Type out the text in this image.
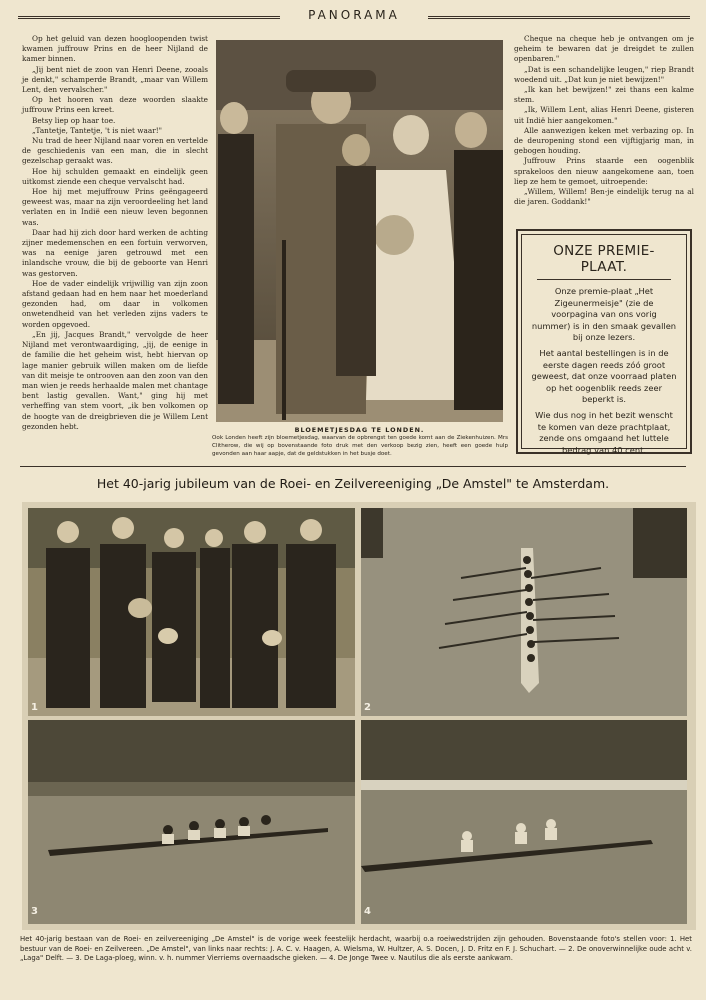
PANORAMA

Op het geluid van dezen hoogloopenden twist kwamen juffrouw Prins en de heer Nijland de kamer binnen.

„Jij bent niet de zoon van Henri Deene, zooals je denkt," schamperde Brandt, „maar van Willem Lent, den vervalscher."

Op het hooren van deze woorden slaakte juffrouw Prins een kreet.

Betsy liep op haar toe.

„Tantetje, Tantetje, 't is niet waar!"

Nu trad de heer Nijland naar voren en vertelde de geschiedenis van een man, die in slecht gezelschap geraakt was.

Hoe hij schulden gemaakt en eindelijk geen uitkomst ziende een cheque vervalscht had.

Hoe hij met mejuffrouw Prins geëngageerd geweest was, maar na zijn veroordeeling het land verlaten en in Indië een nieuw leven begonnen was.

Daar had hij zich door hard werken de achting zijner medemenschen en een fortuin verworven, was na eenige jaren getrouwd met een inlandsche vrouw, die bij de geboorte van Henri was gestorven.

Hoe de vader eindelijk vrijwillig van zijn zoon afstand gedaan had en hem naar het moederland gezonden had, om daar in volkomen onwetendheid van het verleden zijns vaders te worden opgevoed.

„En jij, Jacques Brandt," vervolgde de heer Nijland met verontwaardiging, „jij, de eenige in de familie die het geheim wist, hebt hiervan op lage manier gebruik willen maken om de liefde van dit meisje te ontrooven aan den zoon van den man wien je reeds herhaalde malen met chantage bent lastig gevallen. Want," ging hij met verheffing van stem voort, „ik ben volkomen op de hoogte van de dreigbrieven die je Willem Lent gezonden hebt.	BLOEMETJESDAG TE LONDEN.
Ook Londen heeft zijn bloemetjesdag, waarvan de opbrengst ten goede komt aan de Ziekenhuizen. Mrs Clitherow, die wij op bovenstaande foto druk met den verkoop bezig zien, heeft een goede hulp gevonden aan haar aapje, dat de geldstukken in het busje doet.

Cheque na cheque heb je ontvangen om je geheim te bewaren dat je dreigdet te zullen openbaren."

„Dat is een schandelijke leugen," riep Brandt woedend uit. „Dat kun je niet bewijzen!"

„Ik kan het bewijzen!" zei thans een kalme stem.

„Ik, Willem Lent, alias Henri Deene, gisteren uit Indië hier aangekomen."

Alle aanwezigen keken met verbazing op. In de deuropening stond een vijftigjarig man, in gebogen houding.

Juffrouw Prins staarde een oogenblik sprakeloos den nieuw aangekomene aan, toen liep ze hem te gemoet, uitroepende:

„Willem, Willem! Ben-je eindelijk terug na al die jaren. Goddank!"

ONZE PREMIE-PLAAT.

Onze premie-plaat „Het Zigeunermeisje" (zie de voorpagina van ons vorig nummer) is in den smaak gevallen bij onze lezers.

Het aantal bestellingen is in de eerste dagen reeds zóó groot geweest, dat onze voorraad platen op het oogenblik reeds zeer beperkt is.

Wie dus nog in het bezit wenscht te komen van deze prachtplaat, zende ons omgaand het luttele bedrag van 40 cent.

Het 40-jarig jubileum van de Roei- en Zeilvereeniging „De Amstel" te Amsterdam.
1	2
3	4
Het 40-jarig bestaan van de Roei- en zeilvereeniging „De Amstel" is de vorige week feestelijk herdacht, waarbij o.a roeiwedstrijden zijn gehouden. Bovenstaande foto's stellen voor: 1. Het bestuur van de Roei- en Zeilvereen. „De Amstel", van links naar rechts: J. A. C. v. Haagen, A. Wielsma, W. Hultzer, A. S. Docen, J. D. Fritz en F. J. Schuchart. — 2. De onoverwinnelijke oude acht v. „Laga" Delft. — 3. De Laga-ploeg, winn. v. h. nummer Vierriems overnaadsche gieken. — 4. De Jonge Twee v. Nautilus die als eerste aankwam.
